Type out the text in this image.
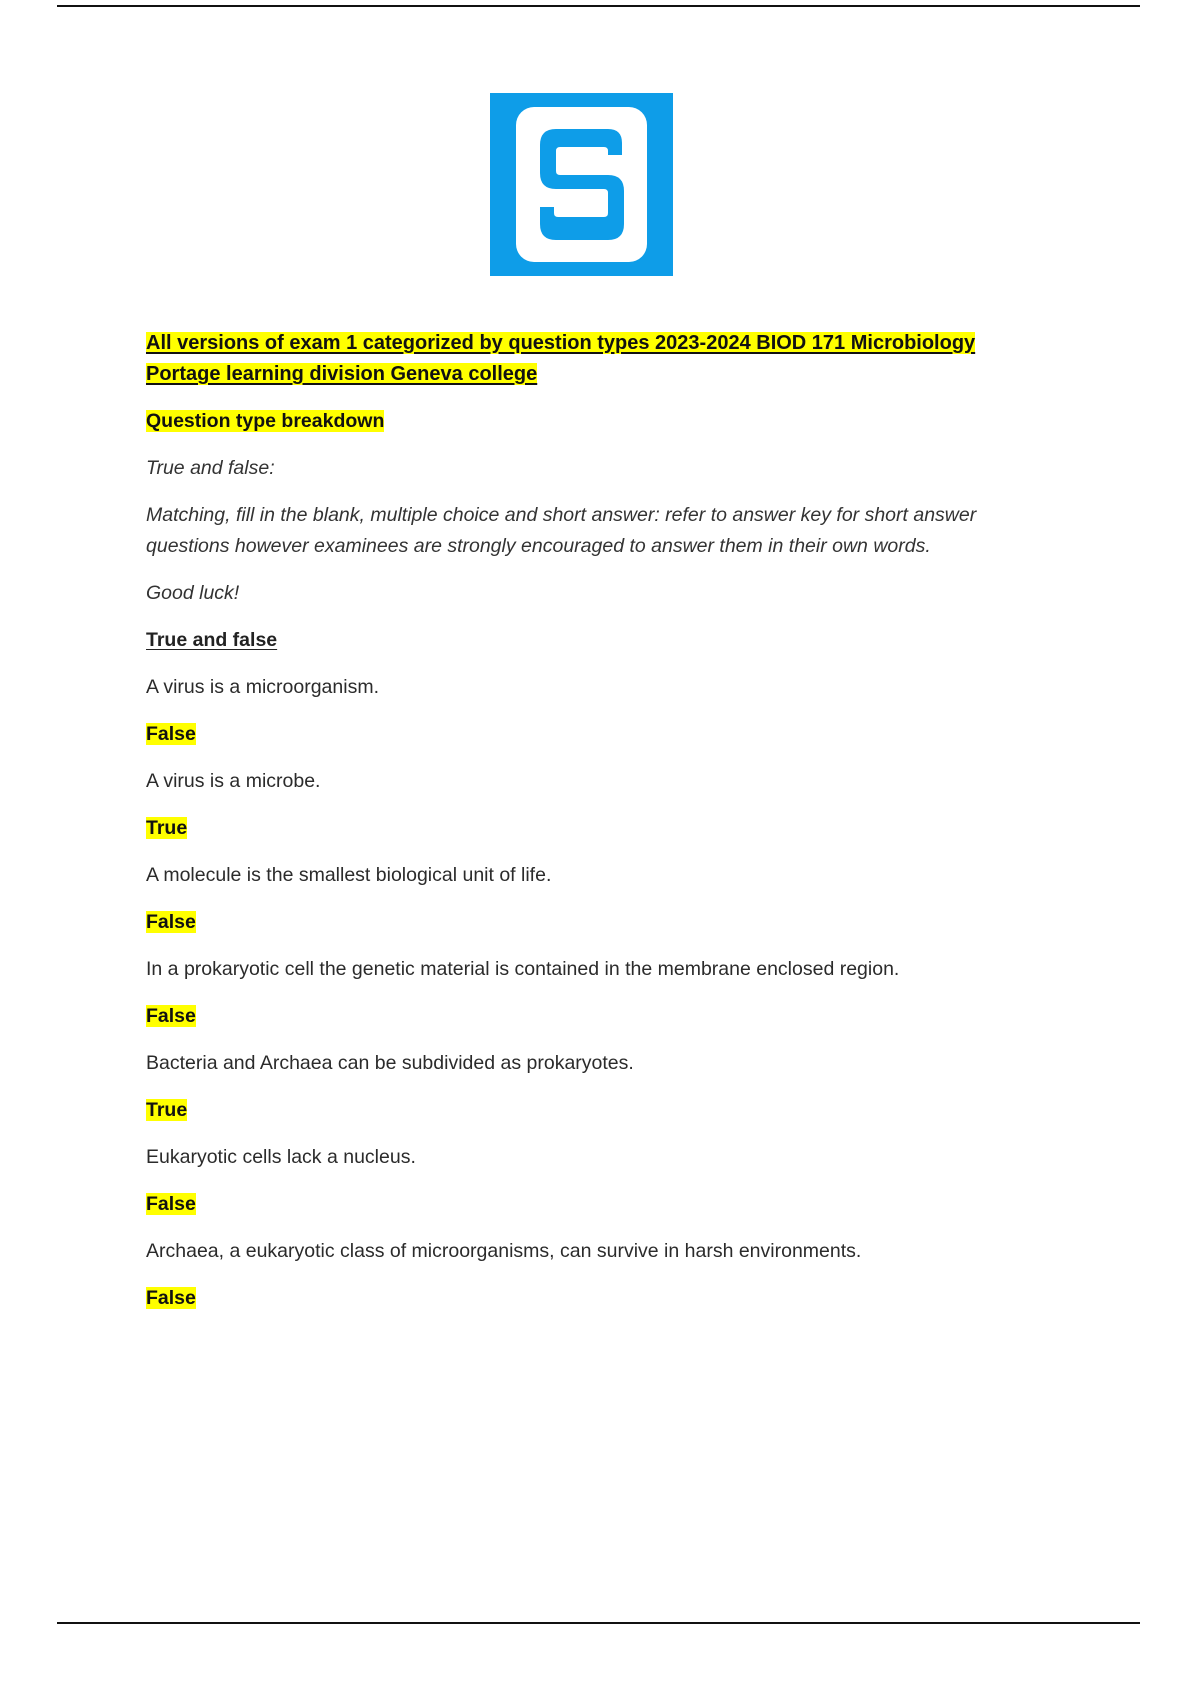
All versions of exam 1 categorized by question types 2023-2024 BIOD 171 Microbiology Portage learning division Geneva college

Question type breakdown

True and false:

Matching, fill in the blank, multiple choice and short answer: refer to answer key for short answer questions however examinees are strongly encouraged to answer them in their own words.

Good luck!

True and false

A virus is a microorganism.

False

A virus is a microbe.

True

A molecule is the smallest biological unit of life.

False

In a prokaryotic cell the genetic material is contained in the membrane enclosed region.

False

Bacteria and Archaea can be subdivided as prokaryotes.

True

Eukaryotic cells lack a nucleus.

False

Archaea, a eukaryotic class of microorganisms, can survive in harsh environments.

False
